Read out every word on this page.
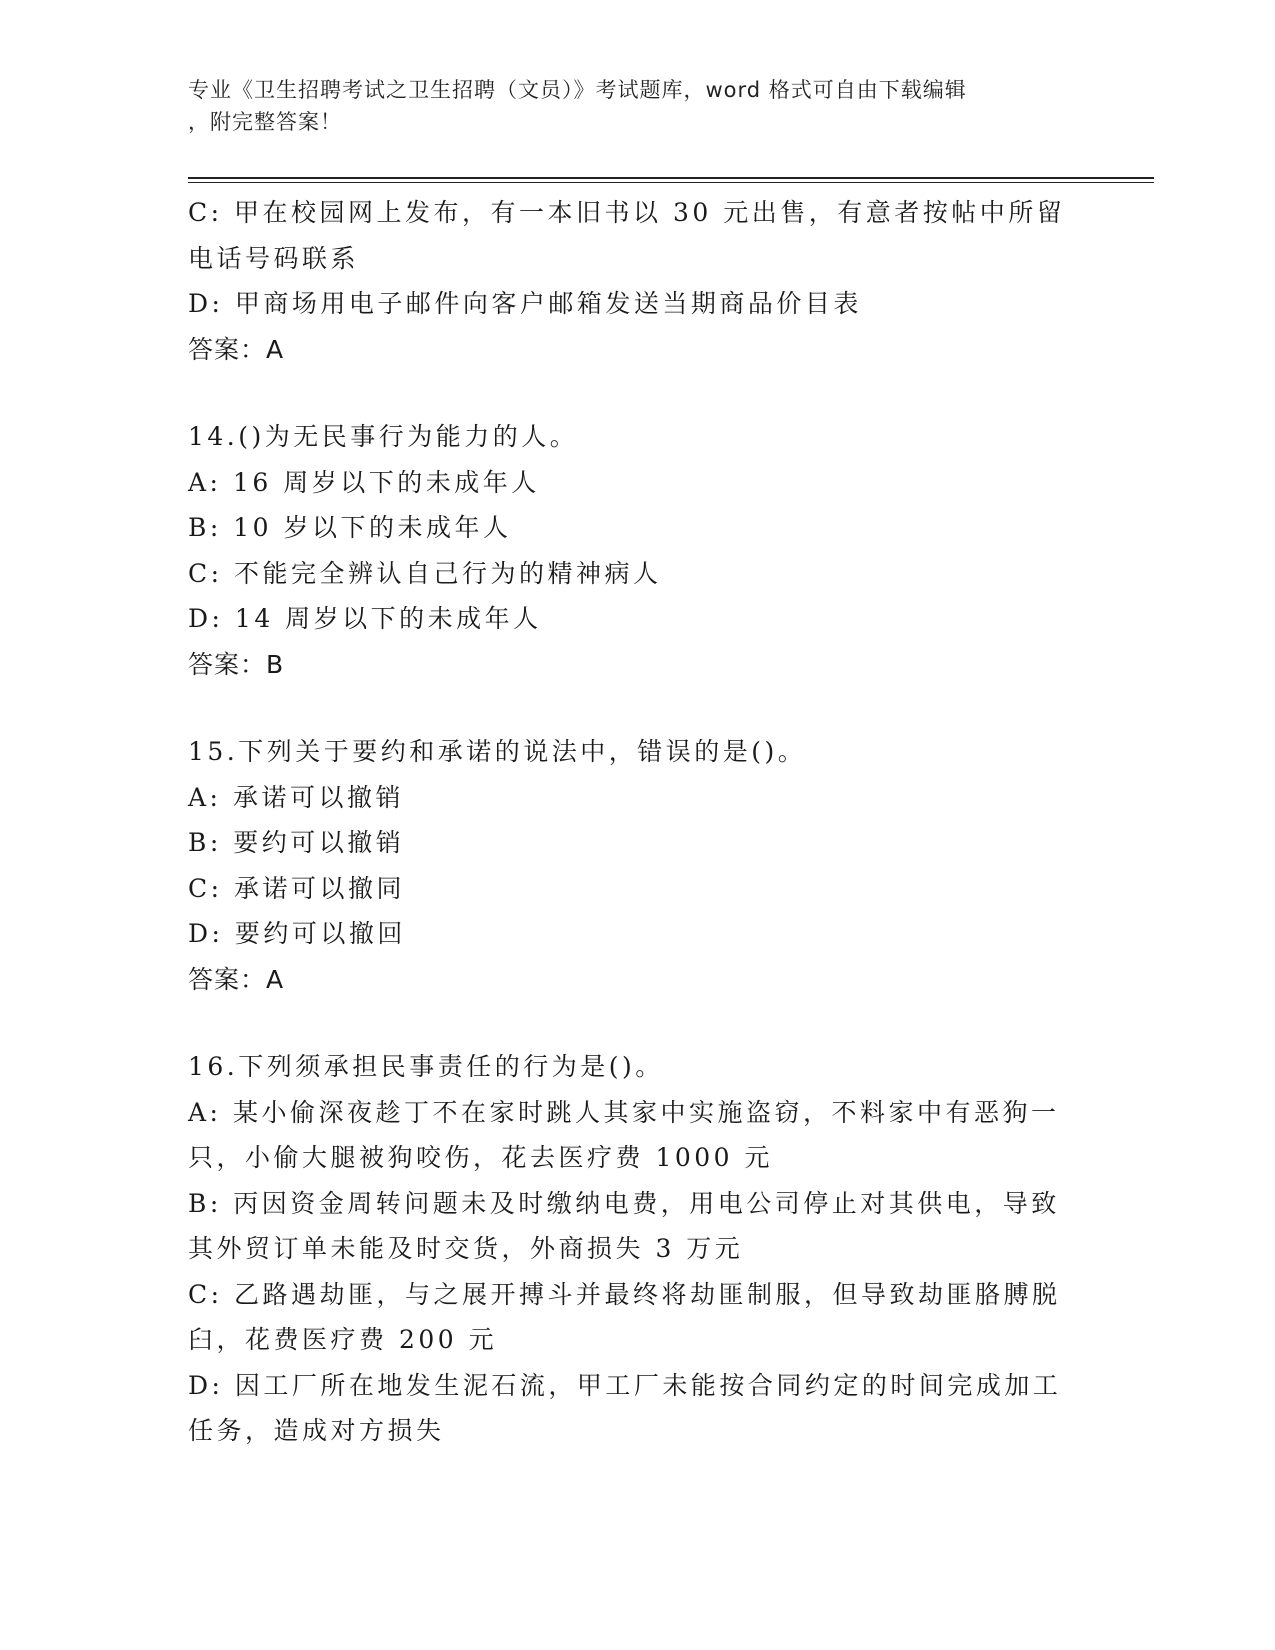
专业《卫生招聘考试之卫生招聘（文员）》考试题库，word 格式可自由下载编辑
，附完整答案！

C: 甲在校园网上发布，有一本旧书以 30 元出售，有意者按帖中所留电话号码联系

D: 甲商场用电子邮件向客户邮箱发送当期商品价目表

答案：A

14.()为无民事行为能力的人。

A: 16 周岁以下的未成年人

B: 10 岁以下的未成年人

C: 不能完全辨认自己行为的精神病人

D: 14 周岁以下的未成年人

答案：B

15.下列关于要约和承诺的说法中，错误的是()。

A: 承诺可以撤销

B: 要约可以撤销

C: 承诺可以撤同

D: 要约可以撤回

答案：A

16.下列须承担民事责任的行为是()。

A: 某小偷深夜趁丁不在家时跳人其家中实施盗窃，不料家中有恶狗一只，小偷大腿被狗咬伤，花去医疗费 1000 元

B: 丙因资金周转问题未及时缴纳电费，用电公司停止对其供电，导致其外贸订单未能及时交货，外商损失 3 万元

C: 乙路遇劫匪，与之展开搏斗并最终将劫匪制服，但导致劫匪胳膊脱臼，花费医疗费 200 元

D: 因工厂所在地发生泥石流，甲工厂未能按合同约定的时间完成加工任务，造成对方损失
